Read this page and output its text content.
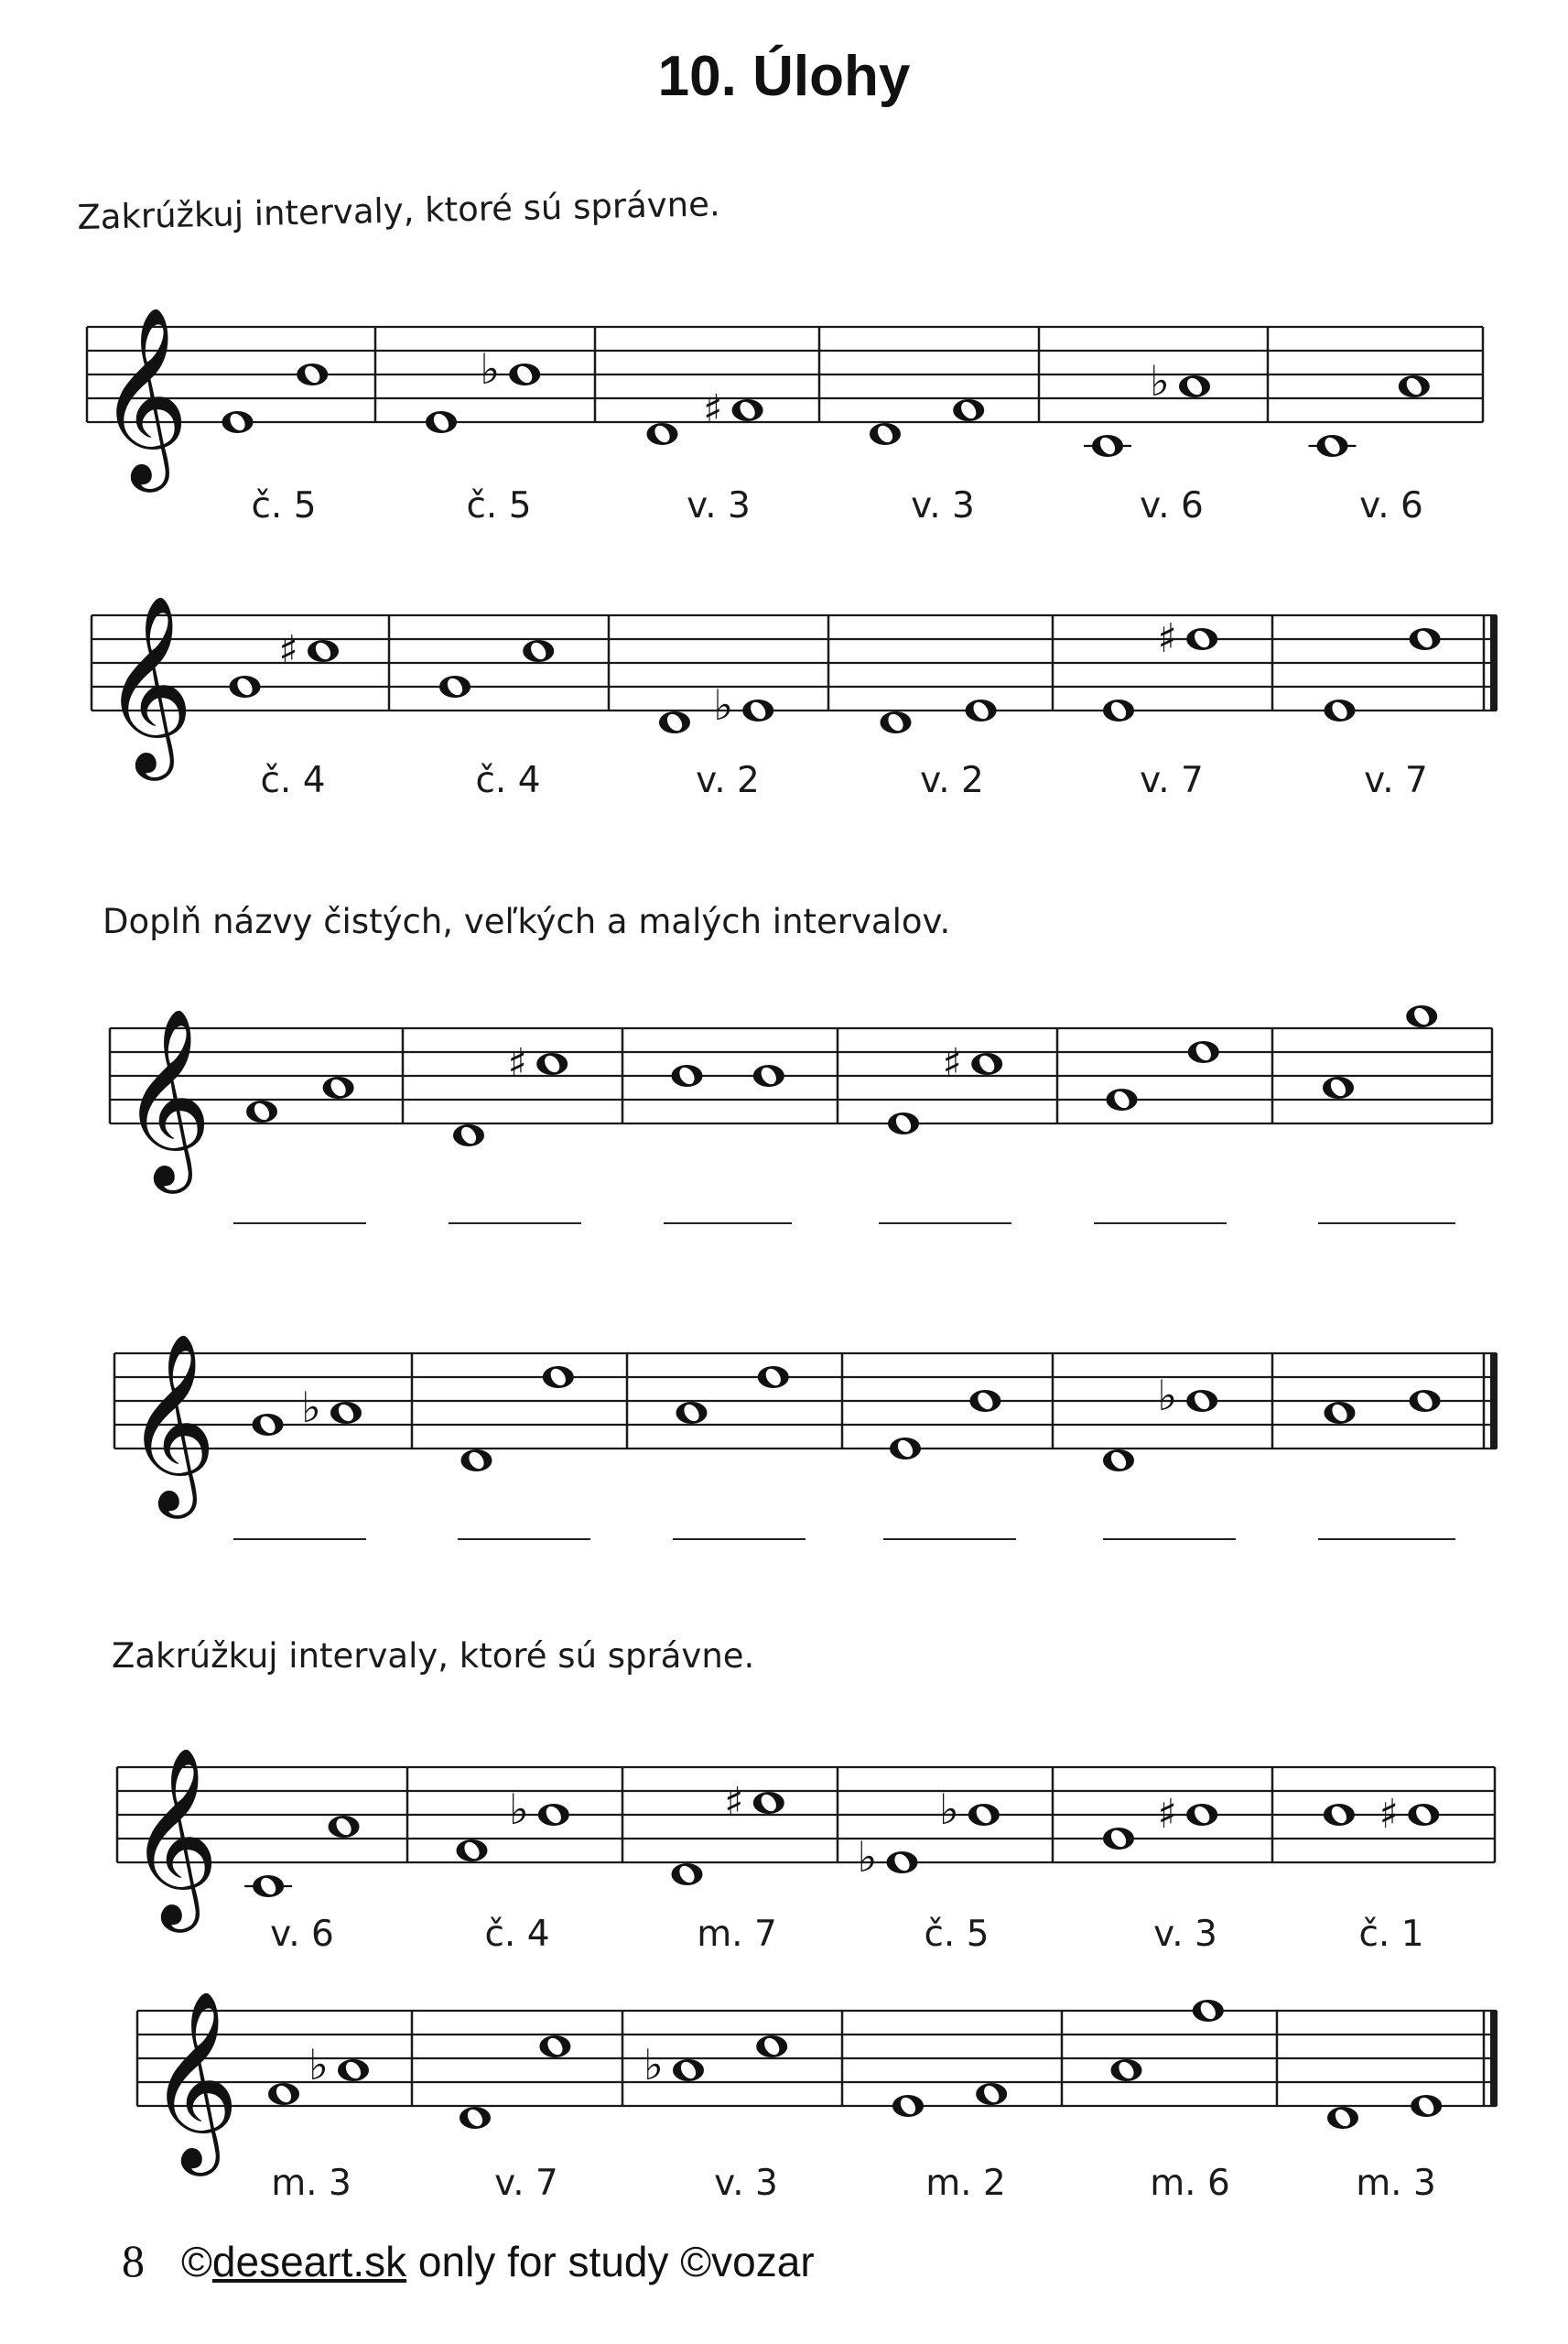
10. Úlohy
Zakrúžkuj intervaly, ktoré sú správne.
Doplň názvy čistých, veľkých a malých intervalov.
Zakrúžkuj intervaly, ktoré sú správne.
𝄞	♭
♯
♭
𝄞 ♯
♭
♯
𝄞	♯	♯
𝄞 ♭	♭
𝄞	♭	♯
♭
♭	♯	♯
𝄞 ♭	♭
8 ©deseart.sk only for study ©vozar
č. 5	č. 5	v. 3	v. 3	v. 6	v. 6
č. 4	č. 4	v. 2	v. 2	v. 7	v. 7
v. 6	č. 4	m. 7	č. 5	v. 3	č. 1
m. 3	v. 7	v. 3	m. 2	m. 6	m. 3
